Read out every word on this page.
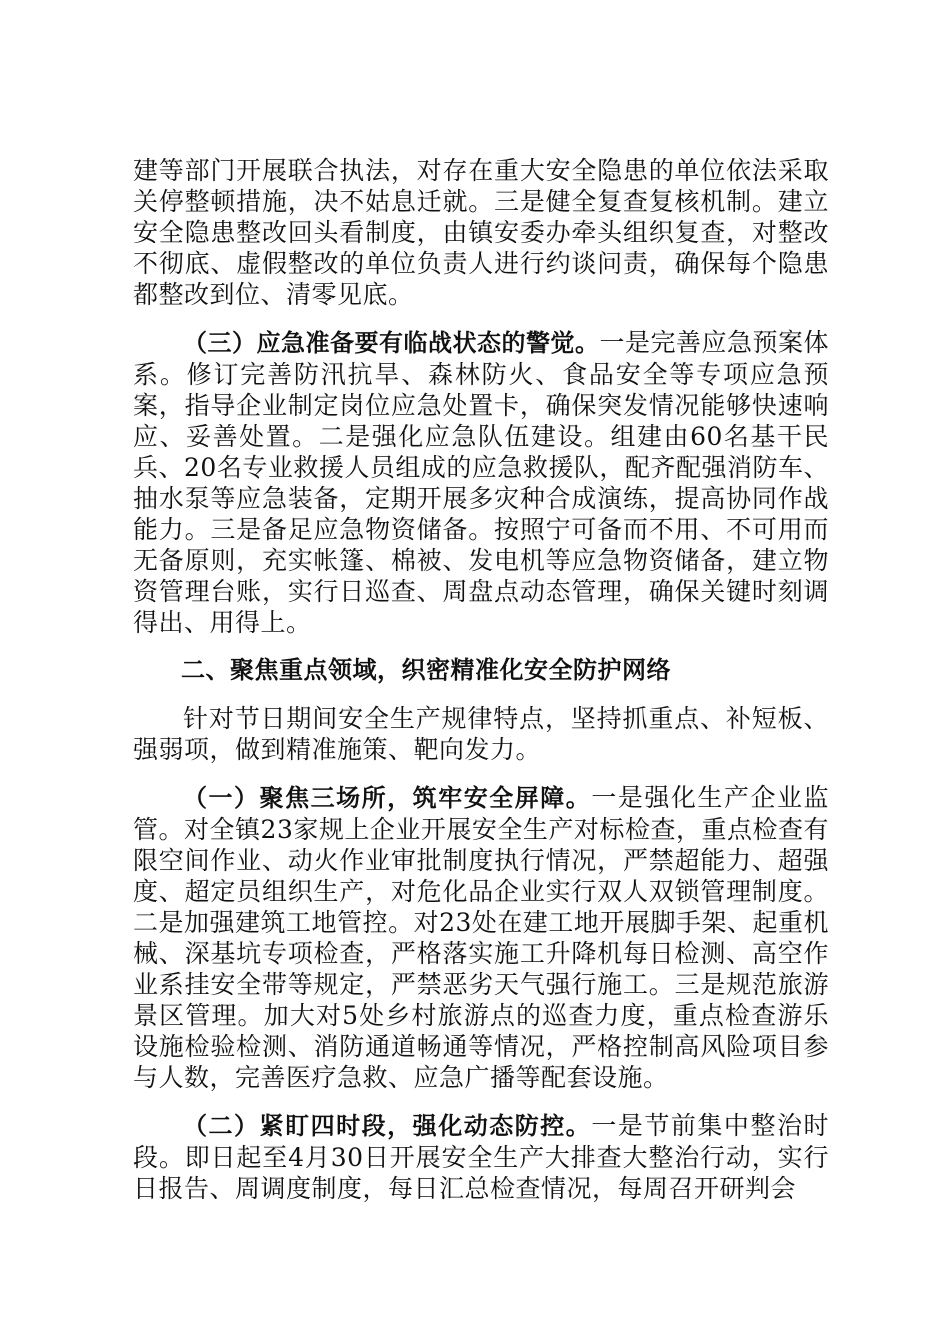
建等部门开展联合执法，对存在重大安全隐患的单位依法采取关停整顿措施，决不姑息迁就。三是健全复查复核机制。建立安全隐患整改回头看制度，由镇安委办牵头组织复查，对整改不彻底、虚假整改的单位负责人进行约谈问责，确保每个隐患都整改到位、清零见底。

（三）应急准备要有临战状态的警觉。一是完善应急预案体系。修订完善防汛抗旱、森林防火、食品安全等专项应急预案，指导企业制定岗位应急处置卡，确保突发情况能够快速响应、妥善处置。二是强化应急队伍建设。组建由60名基干民兵、20名专业救援人员组成的应急救援队，配齐配强消防车、抽水泵等应急装备，定期开展多灾种合成演练，提高协同作战能力。三是备足应急物资储备。按照宁可备而不用、不可用而无备原则，充实帐篷、棉被、发电机等应急物资储备，建立物资管理台账，实行日巡查、周盘点动态管理，确保关键时刻调得出、用得上。

二、聚焦重点领域，织密精准化安全防护网络

针对节日期间安全生产规律特点，坚持抓重点、补短板、强弱项，做到精准施策、靶向发力。

（一）聚焦三场所，筑牢安全屏障。一是强化生产企业监管。对全镇23家规上企业开展安全生产对标检查，重点检查有限空间作业、动火作业审批制度执行情况，严禁超能力、超强度、超定员组织生产，对危化品企业实行双人双锁管理制度。二是加强建筑工地管控。对23处在建工地开展脚手架、起重机械、深基坑专项检查，严格落实施工升降机每日检测、高空作业系挂安全带等规定，严禁恶劣天气强行施工。三是规范旅游景区管理。加大对5处乡村旅游点的巡查力度，重点检查游乐设施检验检测、消防通道畅通等情况，严格控制高风险项目参与人数，完善医疗急救、应急广播等配套设施。

（二）紧盯四时段，强化动态防控。一是节前集中整治时段。即日起至4月30日开展安全生产大排查大整治行动，实行日报告、周调度制度，每日汇总检查情况，每周召开研判会
